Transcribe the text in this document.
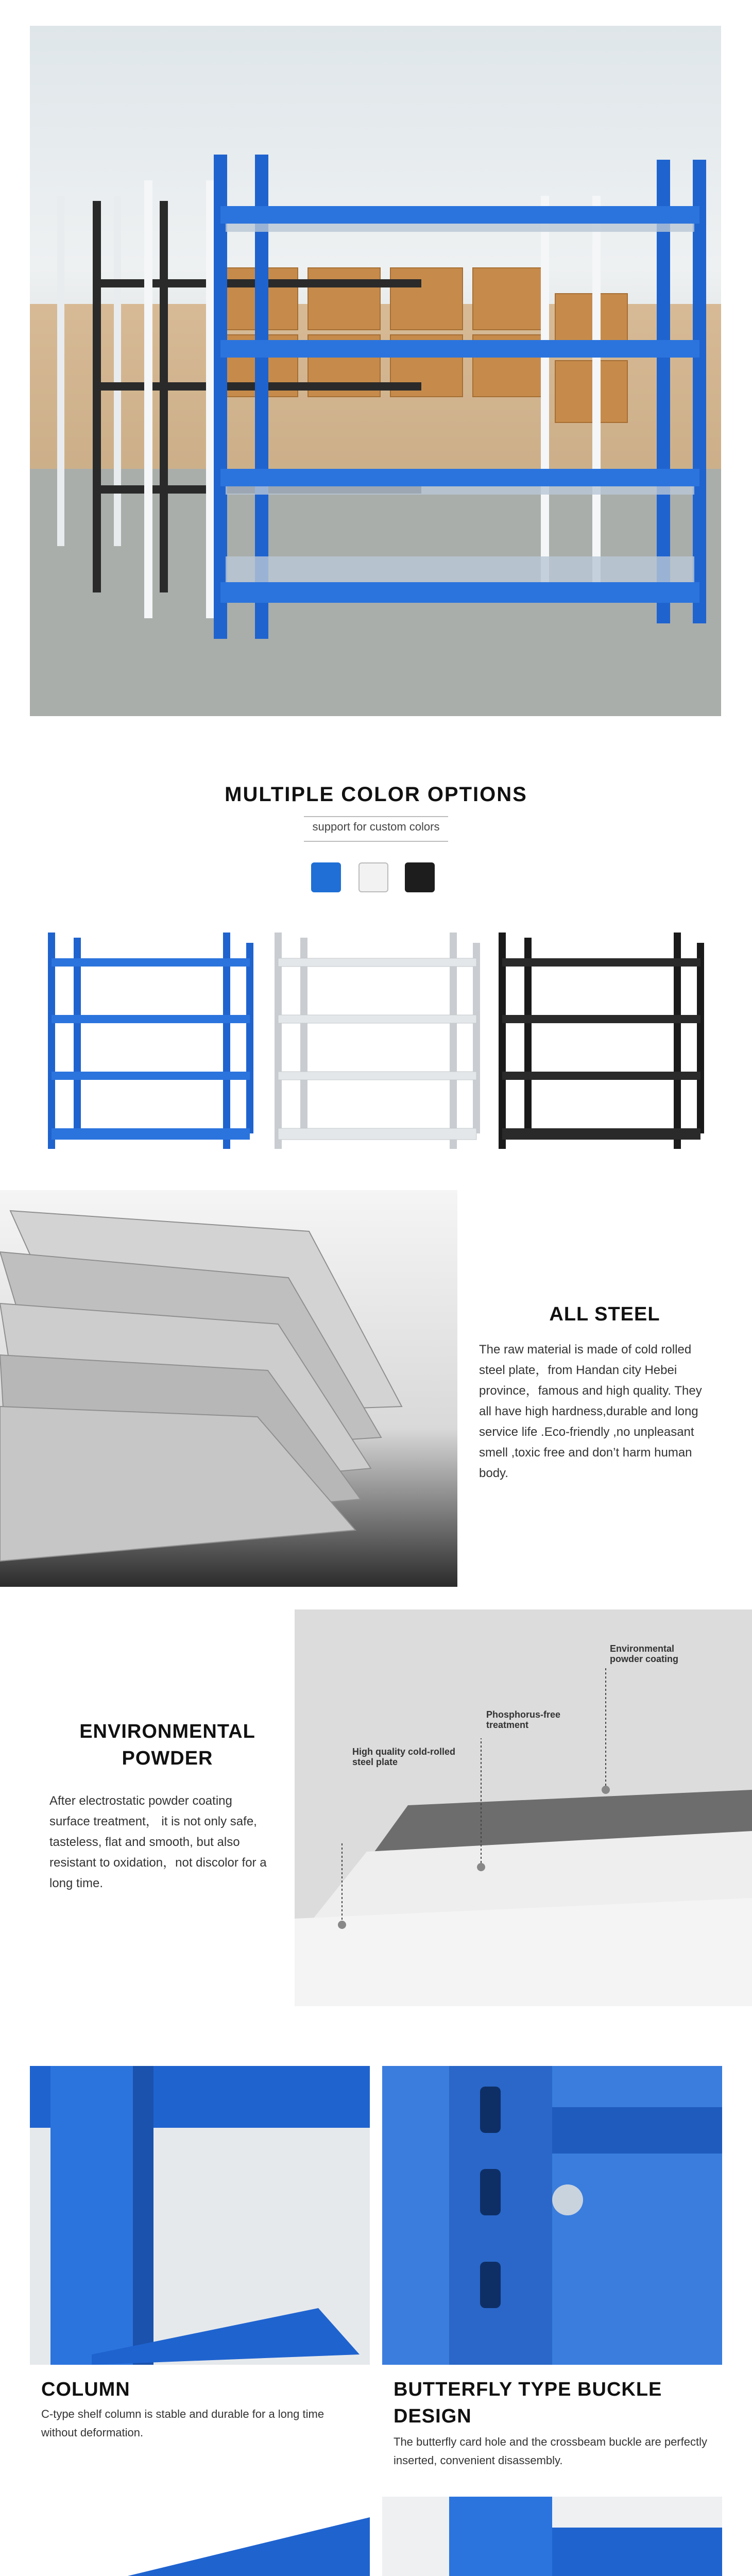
MULTIPLE COLOR OPTIONS
support for custom colors
ALL STEEL
The raw material is made of cold rolled steel plate，from Handan city Hebei province，famous and high quality. They all have high hardness,durable and long service life .Eco-friendly ,no unpleasant smell ,toxic free and don’t harm human body.
ENVIRONMENTAL
POWDER
After electrostatic powder coating surface treatment， it is not only safe, tasteless, flat and smooth, but also resistant to oxidation，not discolor for a long time.
Environmental powder coating
Phosphorus-free treatment
High quality cold-rolled steel plate
COLUMN
C-type shelf column is stable and durable for a long time without deformation.
BUTTERFLY TYPE BUCKLE DESIGN
The butterfly card hole and the crossbeam buckle are perfectly inserted, convenient disassembly.
